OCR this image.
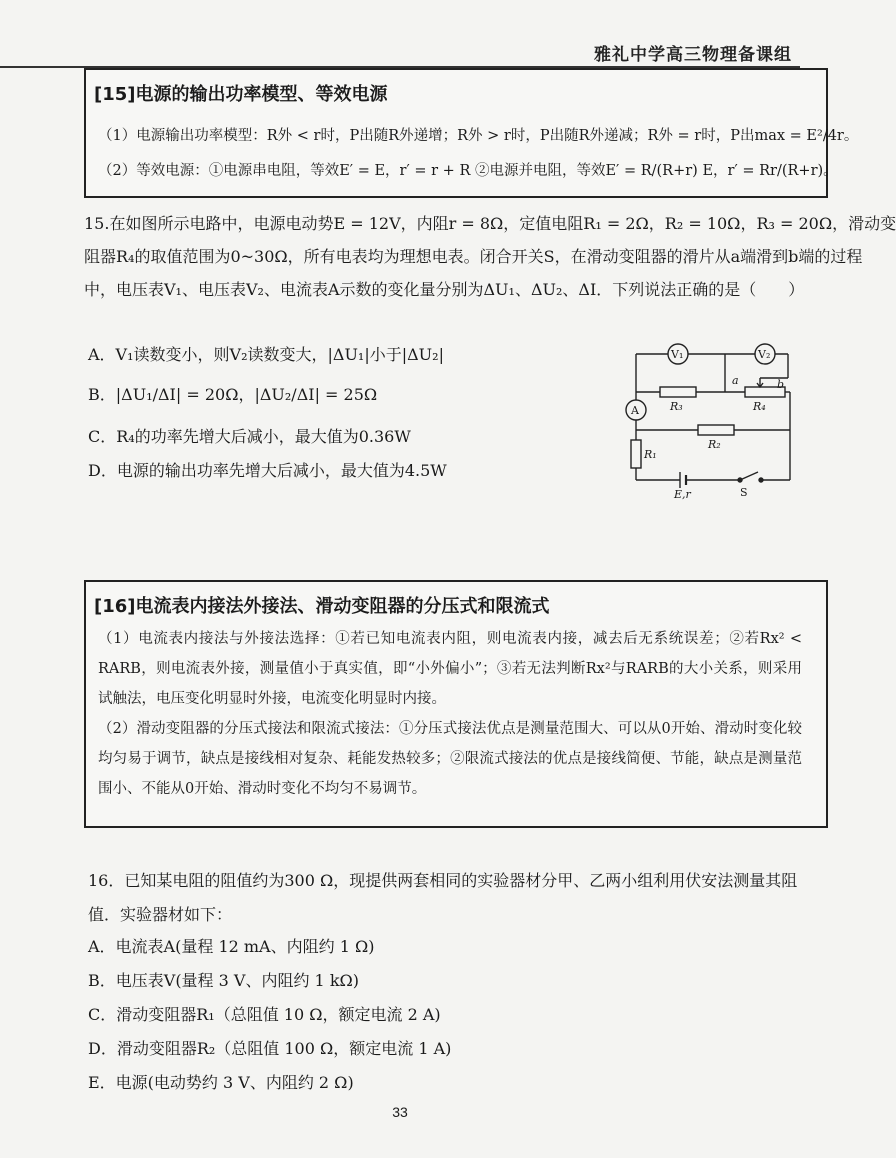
雅礼中学高三物理备课组
[15]电源的输出功率模型、等效电源
（1）电源输出功率模型：R外 < r时，P出随R外递增；R外 > r时，P出随R外递减；R外 = r时，P出max = E²/4r。
（2）等效电源：①电源串电阻，等效E′ = E，r′ = r + R ②电源并电阻，等效E′ = R/(R+r) E，r′ = Rr/(R+r)。
15.在如图所示电路中，电源电动势E = 12V，内阻r = 8Ω，定值电阻R₁ = 2Ω，R₂ = 10Ω，R₃ = 20Ω，滑动变
阻器R₄的取值范围为0~30Ω，所有电表均为理想电表。闭合开关S，在滑动变阻器的滑片从a端滑到b端的过程
中，电压表V₁、电压表V₂、电流表A示数的变化量分别为ΔU₁、ΔU₂、ΔI．下列说法正确的是（　　）
A．V₁读数变小，则V₂读数变大，|ΔU₁|小于|ΔU₂|
B．|ΔU₁/ΔI| = 20Ω，|ΔU₂/ΔI| = 25Ω
C．R₄的功率先增大后减小，最大值为0.36W
D．电源的输出功率先增大后减小，最大值为4.5W
V₁	V₂
A	R₃	R₄
a	b
R₂
R₁
E,r	S
[16]电流表内接法外接法、滑动变阻器的分压式和限流式
（1）电流表内接法与外接法选择：①若已知电流表内阻，则电流表内接，减去后无系统误差；②若Rx² < RARB，则电流表外接，测量值小于真实值，即“小外偏小”；③若无法判断Rx²与RARB的大小关系，则采用试触法，电压变化明显时外接，电流变化明显时内接。
（2）滑动变阻器的分压式接法和限流式接法：①分压式接法优点是测量范围大、可以从0开始、滑动时变化较均匀易于调节，缺点是接线相对复杂、耗能发热较多；②限流式接法的优点是接线简便、节能，缺点是测量范围小、不能从0开始、滑动时变化不均匀不易调节。
16．已知某电阻的阻值约为300 Ω，现提供两套相同的实验器材分甲、乙两小组利用伏安法测量其阻值．实验器材如下：
A．电流表A(量程 12 mA、内阻约 1 Ω)
B．电压表V(量程 3 V、内阻约 1 kΩ)
C．滑动变阻器R₁（总阻值 10 Ω，额定电流 2 A)
D．滑动变阻器R₂（总阻值 100 Ω，额定电流 1 A)
E．电源(电动势约 3 V、内阻约 2 Ω)
33
